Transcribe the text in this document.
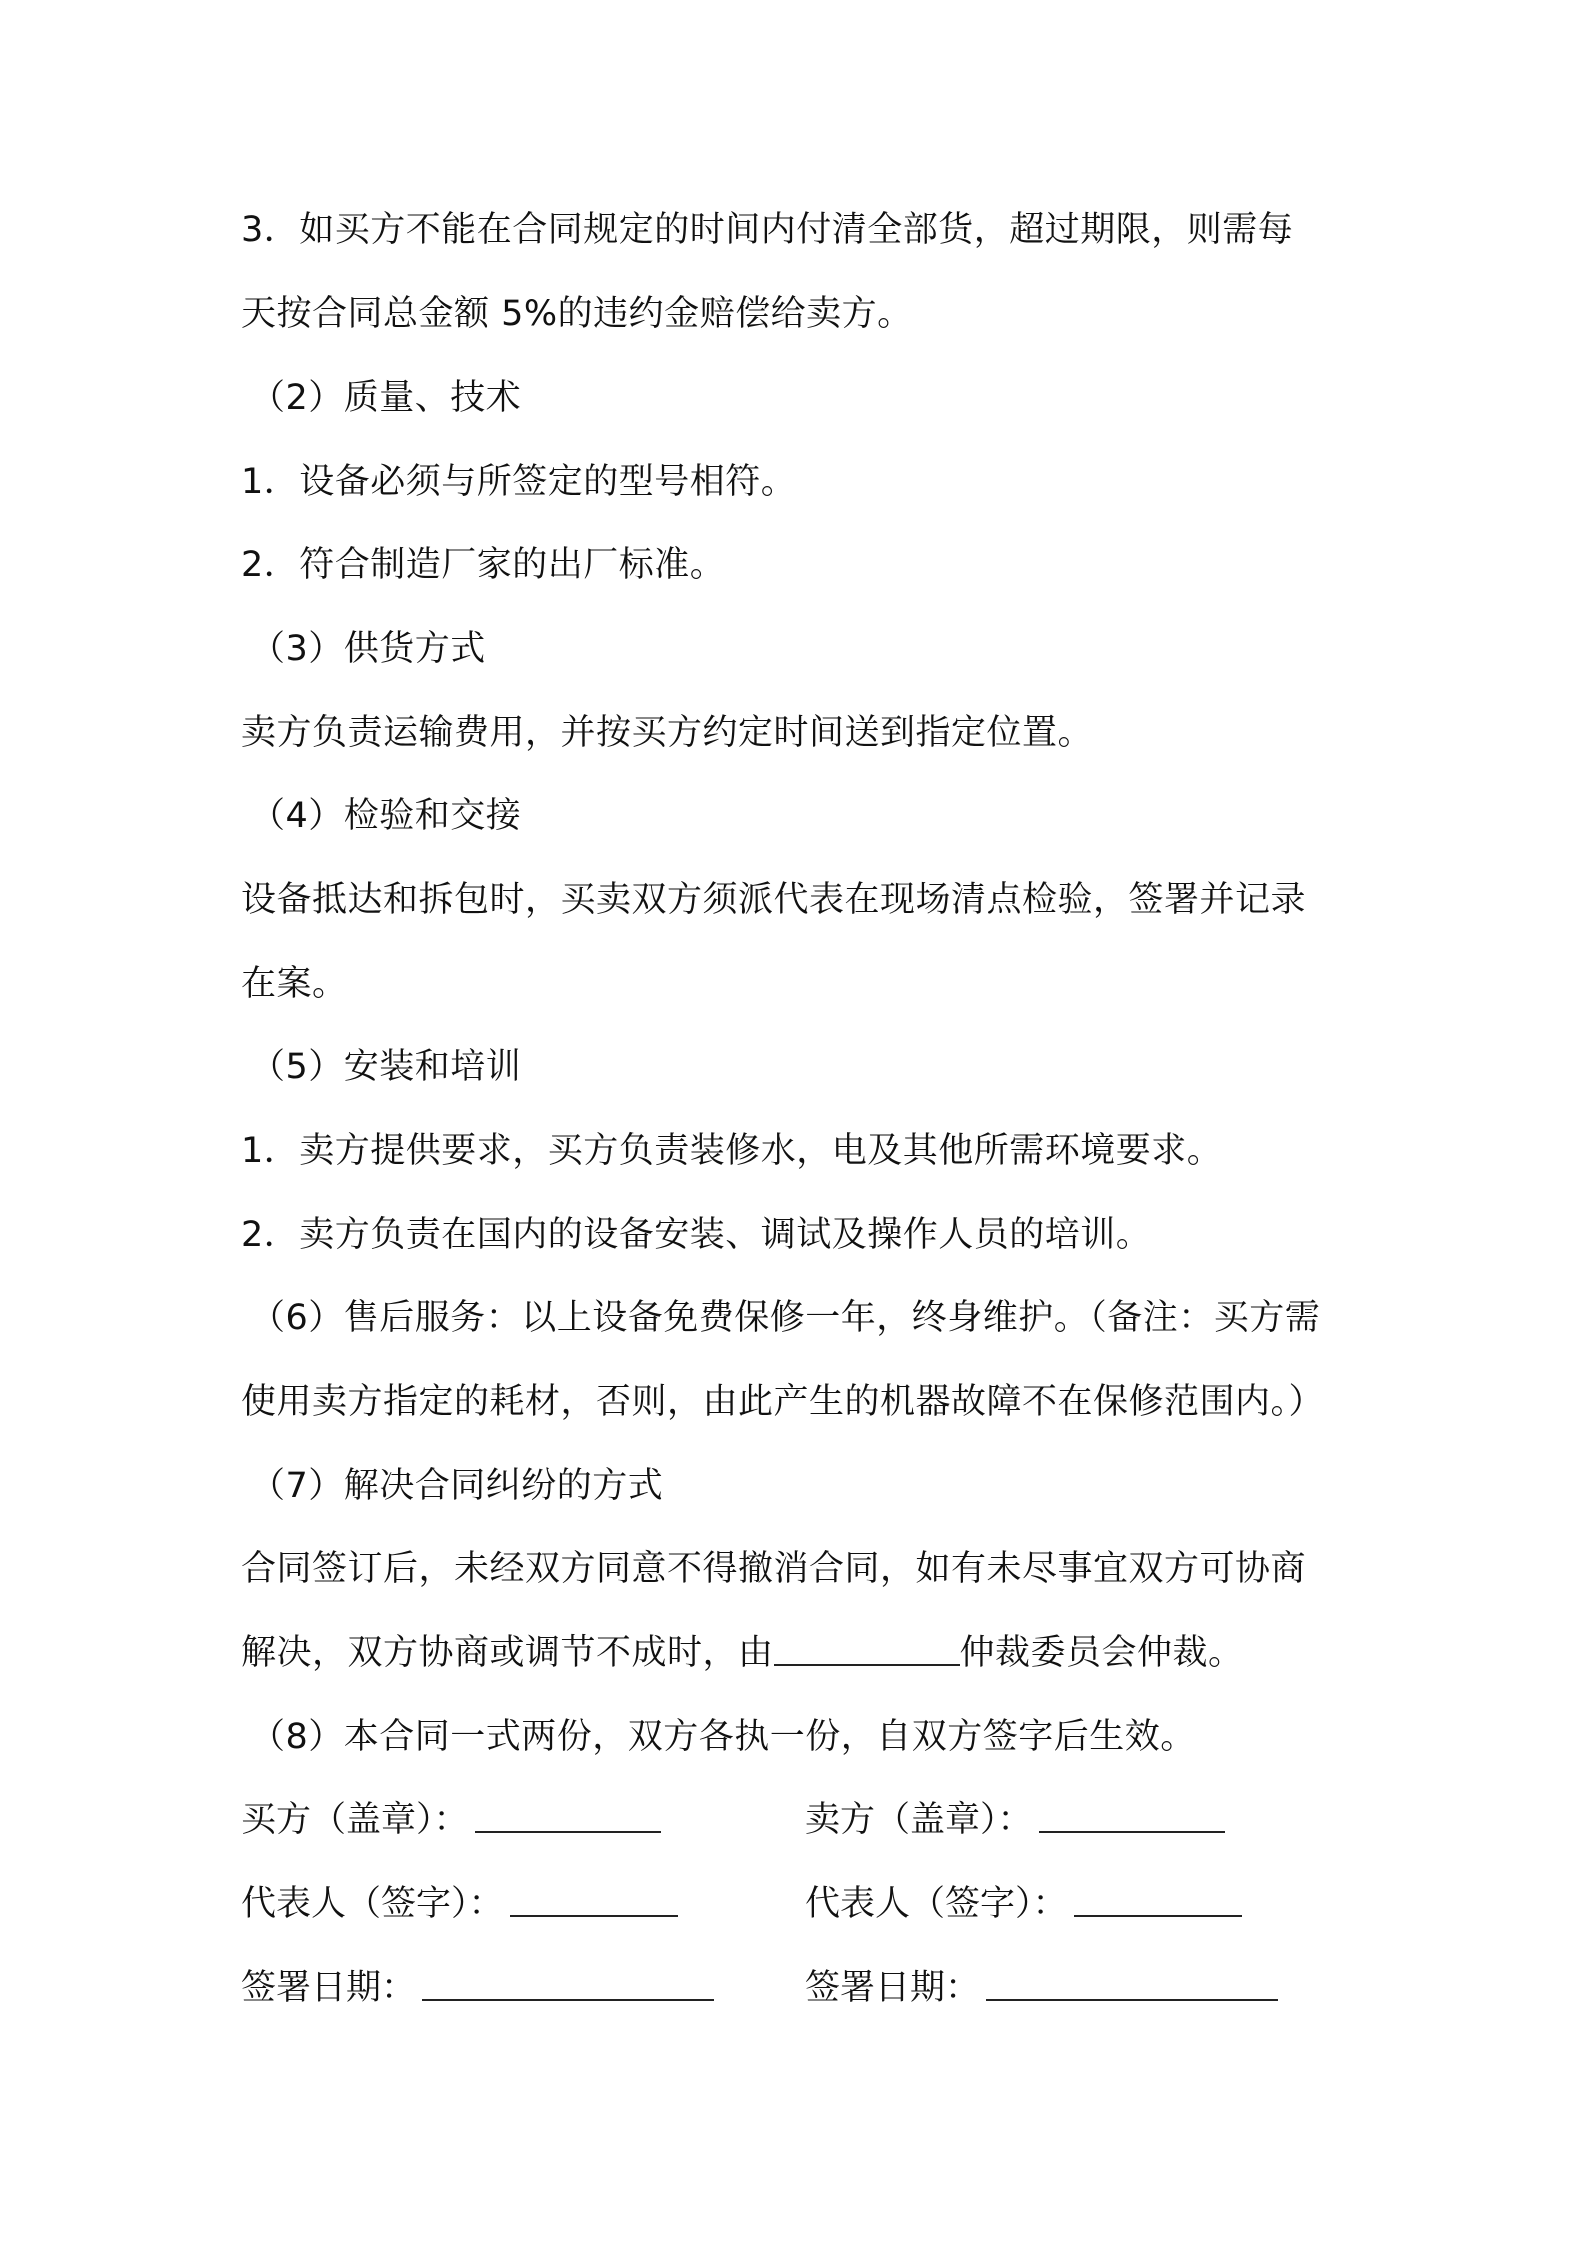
3．如买方不能在合同规定的时间内付清全部货，超过期限，则需每
天按合同总金额 5%的违约金赔偿给卖方。
（2）质量、技术
1．设备必须与所签定的型号相符。
2．符合制造厂家的出厂标准。
（3）供货方式
卖方负责运输费用，并按买方约定时间送到指定位置。
（4）检验和交接
设备抵达和拆包时，买卖双方须派代表在现场清点检验，签署并记录
在案。
（5）安装和培训
1．卖方提供要求，买方负责装修水，电及其他所需环境要求。
2．卖方负责在国内的设备安装、调试及操作人员的培训。
（6）售后服务：以上设备免费保修一年，终身维护。（备注：买方需
使用卖方指定的耗材，否则，由此产生的机器故障不在保修范围内。）
（7）解决合同纠纷的方式
合同签订后，未经双方同意不得撤消合同，如有未尽事宜双方可协商
解决，双方协商或调节不成时，由	仲裁委员会仲裁。
（8）本合同一式两份，双方各执一份，自双方签字后生效。
买方（盖章）：	卖方（盖章）：
代表人（签字）：	代表人（签字）：
签署日期：	签署日期：
